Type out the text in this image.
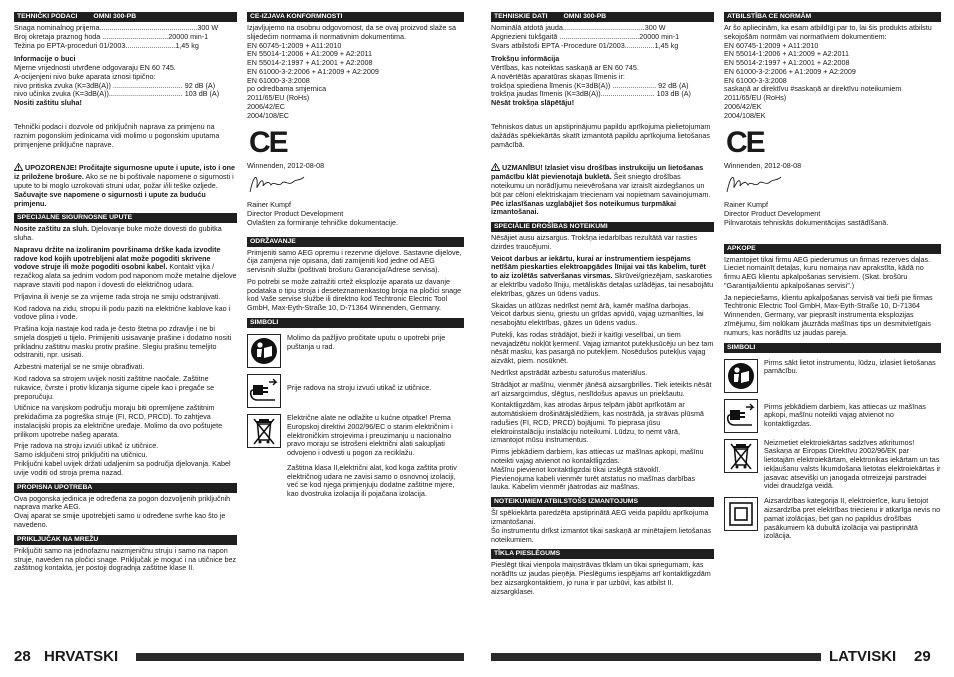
TEHNIČKI PODACI OMNI 300-PB
Snaga nominalnog prijema.................................................300 W
Broj okretaja praznog hoda .................................20000 min-1
Težina po EPTA-proceduri 01/2003.........................1,45 kg
Informacije o buci
Mjerne vrijednosti utvrđene odgovaraju EN 60 745.
A-ocijenjeni nivo buke aparata iznosi tipično:
nivo pritiska zvuka (K=3dB(A)) ................................... 92 dB (A)
nivo učinka zvuka (K=3dB(A))..................................... 103 dB (A)
Nositi zaštitu sluha!

Tehnički podaci i dozvole od priključnih naprava za primjenu na raznim pogonskim jedinicama vidi molimo u pogonskim uputama primjenjene priključne naprave.

UPOZORENJE! Pročitajte sigurnosne upute i upute, isto i one iz priložene brošure. Ako se ne bi poštivale napomene o sigurnosti i upute to bi moglo uzrokovati struni udar, požar i/ili teške ozljede. Sačuvajte sve napomene o sigurnosti i upute za buduću primjenu.

SPECIJALNE SIGURNOSNE UPUTE

Nosite zaštitu za sluh. Djelovanje buke može dovesti do gubitka sluha.

Napravu držite na izoliranim površinama drške kada izvodite radove kod kojih upotrebljeni alat može pogoditi skrivene vodove struje ili može pogoditi osobni kabel. Kontakt vijka / rezačkog alata sa jednim vodom pod naponom može metalne dijelove naprave staviti pod napon i dovesti do električnog udara.

Prljavina ili ivenje se za vrijeme rada stroja ne smiju odstranjivati.

Kod radova na zidu, stropu ili podu paziti na električne kablove kao i vodove plina i vode.

Prašina koja nastaje kod rada je često štetna po zdravlje i ne bi smjela dospjeti u tijelo. Primijeniti usisavanje prašine i dodatno nositi prikladnu zaštitnu masku protiv prašine. Slegiu prašinu temeljito odstraniti, npr. usisati.

Azbestni materijal se ne smije obrađivati.

Kod radova sa strojem uvijek nositi zaštitne naočale. Zaštitne rukavice, čvrste i protiv klizanja sigurne cipele kao i pregače se preporučuju.

Utičnice na vanjskom području moraju biti opremljene zaštitnim prekidačima za pogreška struje (FI, RCD, PRCD). To zahtjeva instalacijski propis za električne uređaje. Molimo da ovo poštujete prilikom upotrebe našeg aparata.

Prije radova na stroju izvući utikač iz utičnice.

Samo isključeni stroj priključiti na utičnicu.

Priključni kabel uvijek držati udaljenim sa područja djelovanja. Kabel uvije voditi od stroja prema nazad.

PROPISNA UPOTREBA

Ova pogonska jedinica je određena za pogon dozvoljenih priključnih naprava marke AEG.

Ovaj aparat se smije upotrebjeti samo u određene svrhe kao što je navedeno.

PRIKLJUČAK NA MREŽU

Priključiti samo na jednofaznu naizmjeničnu struju i samo na napon struje, naveden na pločici snage. Priključak je moguć i na utičnice bez zaštitnog kontakta, jer postoji dogradnja zaštitne klase II.

CE-IZJAVA KONFORMNOSTI

Izjavljujemo na osobnu odgovornost, da se ovaj proizvod slaže sa slijedećim normama ili normativnim dokumentima.

EN 60745-1:2009 + A11:2010
EN 55014-1:2006 + A1:2009 + A2:2011
EN 55014-2:1997 + A1:2001 + A2:2008
EN 61000-3-2:2006 + A1:2009 + A2:2009
EN 61000-3-3:2008
po odredbama smjernica
2011/65/EU (RoHs)
2006/42/EC
2004/108/EC
CE
Winnenden, 2012-08-08
Rainer Kumpf
Director Product Development
Ovlašten za formiranje tehničke dokumentacije.
ODRŽAVANJE

Primjeniti samo AEG opremu i rezervne dijelove. Sastavne dijelove, čija zamjena nije opisana, dati zamijeniti kod jedne od AEG servisnih službi (poštivati brošuru Garancija/Adrese servisa).

Po potrebi se može zatražiti crtež eksplozije aparata uz davanje podataka o tipu stroja i deseteznamenkastog broja na pločici snage kod Vaše servise službe ili direktno kod Techtronic Electric Tool GmbH, Max-Eyth-Straße 10, D-71364 Winnenden, Germany.

SIMBOLI
Molimo da pažljivo pročitate uputu o upotrebi prije puštanja u rad.
Prije radova na stroju izvući utikač iz utičnice.
Električne alate ne odlažite u kućne otpatke! Prema Europskoj direktivi 2002/96/EC o starim električnim i elektroničkim strojevima i preuzimanju u nacionalno pravo moraju se istrošeni električni alati sakupljati odvojeno i odvesti u pogon za reciklažu.
Zaštitna klasa II,električni alat, kod koga zaštita protiv električnog udara ne zavisi samo o osnovnoj izolaciji, već se kod njega primjenjuju dodatne zaštitne mjere, kao dvostruka izolacija ili pojačana izolacija.
TEHNISKIE DATI OMNI 300-PB
Nominālā atdotā jauda.........................................300 W
Apgriezieni tukšgaitā ........................................20000 min-1
Svars atbilstoši EPTA -Procedure 01/2003...............1,45 kg
Trokšņu informācija
Vērtības, kas noteiktas saskaņā ar EN 60 745.
A novērtētās aparatūras skaņas līmenis ir:
trokšņa spiediena līmenis (K=3dB(A)) ...................... 92 dB (A)
trokšņa jaudas līmenis (K=3dB(A))........................... 103 dB (A)
Nēsāt trokšņa slāpētāju!

Tehniskos datus un apstiprinājumu papildu aprīkojuma pielietojumam dažādās spēkiekārtās skatīt izmantotā papildu aprīkojuma lietošanas pamācībā.

UZMANĪBU! Izlasiet visu drošības instrukciju un lietošanas pamācību klāt pievienotajā bukletā. Šeit sniegto drošības noteikumu un norādījumu neievērošana var izraisīt aizdegšanos un būt par cēloni elektriskajam triecienam vai nopietnam savainojumam. Pēc izlasīšanas uzglabājiet šos noteikumus turpmākai izmantošanai.

SPECIĀLIE DROŠĪBAS NOTEIKUMI

Nēsājiet ausu aizsargus. Trokšņa iedarbības rezultātā var rasties dzirdes traucējumi.

Veicot darbus ar iekārtu, kurai ar instrumentiem iespējams netīšām pieskarties elektroapgādes līnijai vai tās kabelim, turēt to aiz izolētās satveršanas virsmas. Skrūvei/griezējam, saskaroties ar elektrību vadošo līniju, metāliskās detaļas uzlādējas, tai nesabojātu elektrības, gāzes un ūdens vadus.

Skaidas un atlūzas nedrīkst ņemt ārā, kamēr mašīna darbojas.

Veicot darbus sienu, griestu un grīdas apvidū, vajag uzmanīties, lai nesabojātu elektrības, gāzes un ūdens vadus.

Putekļi, kas rodas strādājot, bieži ir kaitīgi veselībai, un tiem nevajadzētu nokļūt ķermenī. Vajag izmantot putekļusūcēju un bez tam nēsāt masku, kas pasargā no putekļiem. Nosēdušos putekļus vajag aizvākt, piem. nosūknēt.

Nedrīkst apstrādāt azbestu saturošus materiālus.

Strādājot ar mašīnu, vienmēr jānēsā aizsargbrilles. Tiek ieteikts nēsāt arī aizsargcimdus, slēgtus, neslīdošus apavus un priekšautu.

Kontaktligzdām, kas atrodas ārpus telpām jābūt aprīkotām ar automātiskiem drošinātājslēdžiem, kas nostrādā, ja strāvas plūsmā radušies (FI, RCD, PRCD) bojājumi. To pieprasa jūsu elektroinstalāciju instalāciju noteikumi. Lūdzu, to ņemt vārā, izmantojot mūsu instrumentus.

Pirms jebkādiem darbiem, kas attiecas uz mašīnas apkopi, mašīnu noteikti vajag atvienot no kontaktligzdas.

Mašīnu pievienot kontaktligzdai tikai izslēgtā stāvoklī.

Pievienojuma kabeli vienmēr turēt atstatus no mašīnas darbības lauka. Kabelim vienmēr jāatrodas aiz mašīnas.

NOTEIKUMIEM ATBILSTOŠS IZMANTOJUMS

Šī spēkiekārta paredzēta apstiprinātā AEG veida papildu aprīkojuma izmantošanai.

Šo instrumentu drīkst izmantot tikai saskaņā ar minētajiem lietošanas noteikumiem.

TĪKLA PIESLĒGUMS

Pieslēgt tikai vienpola maiņstrāvas tīklam un tikai spriegumam, kas norādīts uz jaudas pieņēja. Pieslēgums iespējams arī kontaktligzdām bez aizsargkontaktiem, jo runa ir par uzbūvi, kas atbilst II. aizsargklasei.

ATBILSTĪBA CE NORMĀM

Ar šo apliecinām, ka esam atbildīgi par to, lai šis produkts atbilstu sekojošām normām vai normatīviem dokumentiem:

EN 60745-1:2009 + A11:2010
EN 55014-1:2006 + A1:2009 + A2:2011
EN 55014-2:1997 + A1:2001 + A2:2008
EN 61000-3-2:2006 + A1:2009 + A2:2009
EN 61000-3-3:2008
saskaņā ar direktīvu #saskaņā ar direktīvu noteikumiem
2011/65/EU (RoHs)
2006/42/EK
2004/108/EK
CE
Winnenden, 2012-08-08
Rainer Kumpf
Director Product Development
Pilnvarotais tehniskās dokumentācijas sastādīšanā.
APKOPE

Izmantojiet tikai firmu AEG piederumus un firmas rezerves daļas. Lieciet nomainīt detaļas, kuru nomaiņa nav aprakstīta, kādā no firmu AEG klientu apkalpošanas servisiem. (Skat. brošūru "Garantija/klientu apkalpošanas servisi".)

Ja nepieciešams, klientu apkalpošanas servisā vai tieši pie firmas Techtronic Electric Tool GmbH, Max-Eyth-Straße 10, D-71364 Winnenden, Germany, var pieprasīt instrumenta eksplozijas zīmējumu, šim nolūkam jāuzrāda mašīnas tips un desmitvietīgais numurs, kas norādīts uz jaudas pareja.

SIMBOLI
Pirms sākt lietot instrumentu, lūdzu, izlasiet lietošanas pamācību.
Pirms jebkādiem darbiem, kas attiecas uz mašīnas apkopi, mašīnu noteikti vajag atvienot no kontaktligzdas.
Neizmetiet elektroiekārtas sadzīves atkritumos! Saskaņa ar Eiropas Direktīvu 2002/96/EK par lietotajām elektroiekārtam, elektronikas iekārtam un tas iekļaušanu valsts likumdošana lietotas elektroiekārtas ir jasavac atsevišķi un janogada otrreizejai parstradei videi draudzīga veidā.
Aizsardzības kategorija II, elektroierīce, kuru lietojot aizsardzība pret elektrības triecienu ir atkarīga nevis no pamat izolācijas, bet gan no papildus drošības pasākumiem kā dubultā izolācija vai pastiprinātā izolācija.
28 HRVATSKI	LATVISKI 29
